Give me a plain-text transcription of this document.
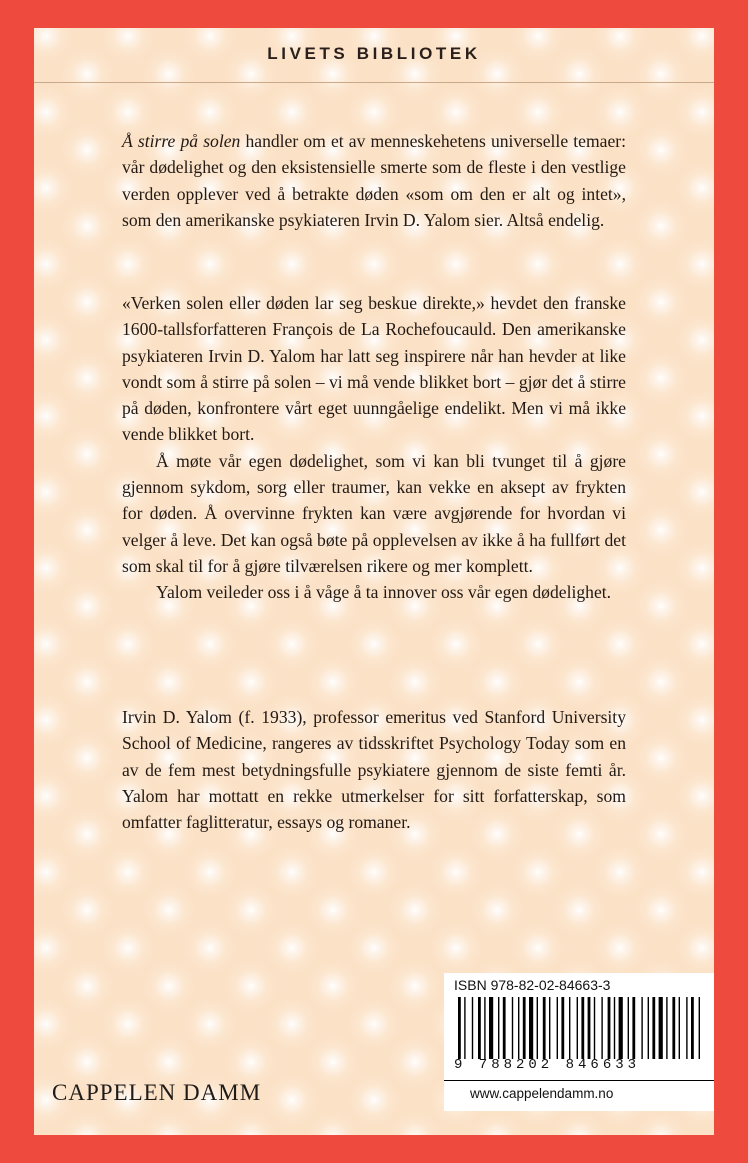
LIVETS BIBLIOTEK

Å stirre på solen handler om et av menneskehetens universelle temaer: vår dødelighet og den eksistensielle smerte som de fleste i den vestlige verden opplever ved å betrakte døden «som om den er alt og intet», som den amerikanske psykiateren Irvin D. Yalom sier. Altså endelig.

«Verken solen eller døden lar seg beskue direkte,» hevdet den franske 1600-tallsforfatteren François de La Rochefoucauld. Den amerikanske psykiateren Irvin D. Yalom har latt seg inspirere når han hevder at like vondt som å stirre på solen – vi må vende blikket bort – gjør det å stirre på døden, konfrontere vårt eget uunngåelige endelikt. Men vi må ikke vende blikket bort.

Å møte vår egen dødelighet, som vi kan bli tvunget til å gjøre gjennom sykdom, sorg eller traumer, kan vekke en aksept av frykten for døden. Å overvinne frykten kan være avgjørende for hvordan vi velger å leve. Det kan også bøte på opplevelsen av ikke å ha fullført det som skal til for å gjøre tilværelsen rikere og mer komplett.

Yalom veileder oss i å våge å ta innover oss vår egen dødelighet.

Irvin D. Yalom (f. 1933), professor emeritus ved Stanford University School of Medicine, rangeres av tidsskriftet Psychology Today som en av de fem mest betydningsfulle psykiatere gjennom de siste femti år. Yalom har mottatt en rekke utmerkelser for sitt forfatterskap, som omfatter faglitteratur, essays og romaner.

CAPPELEN DAMM
ISBN 978-82-02-84663-3
9 788202 846633
www.cappelendamm.no
